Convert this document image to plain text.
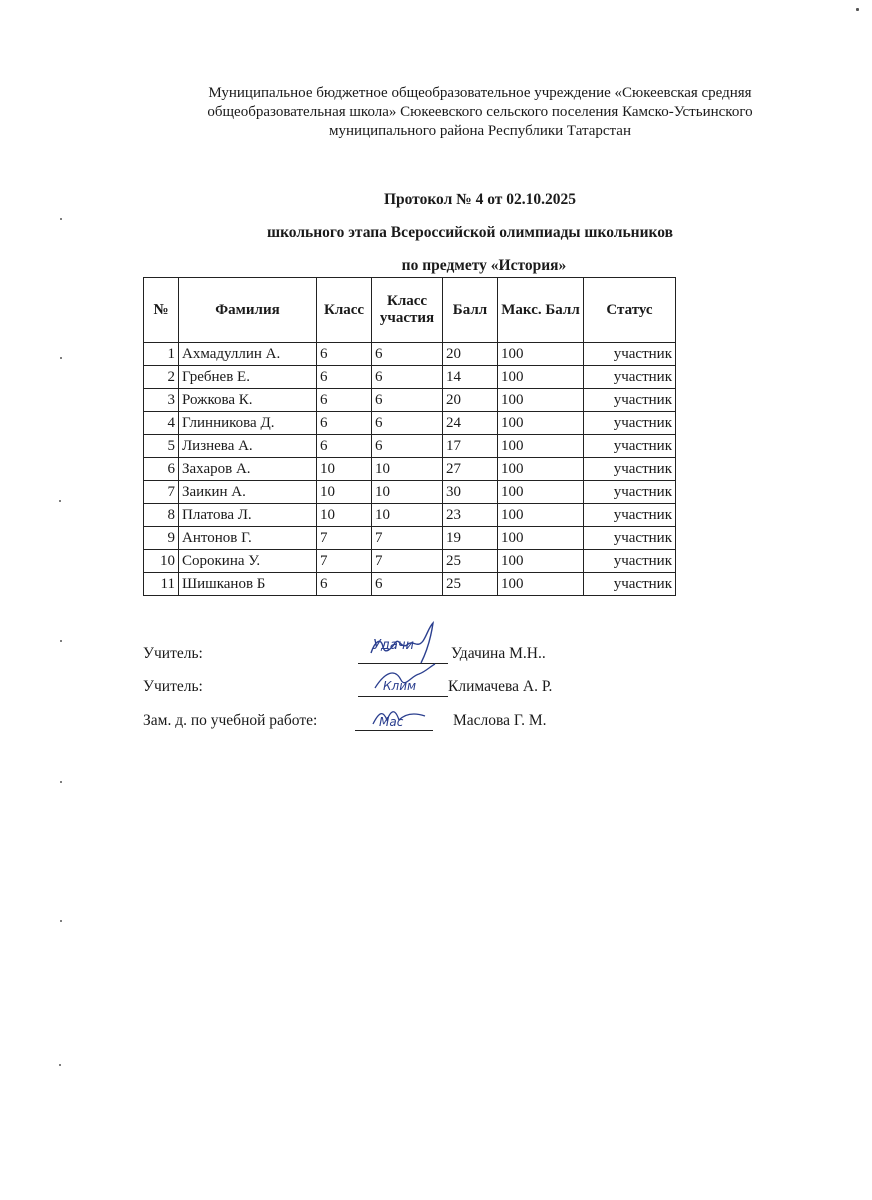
Муниципальное бюджетное общеобразовательное учреждение «Сюкеевская средняя
общеобразовательная школа» Сюкеевского сельского поселения Камско-Устьинского
муниципального района Республики Татарстан
Протокол № 4 от 02.10.2025
школьного этапа Всероссийской олимпиады школьников
по предмету «История»
№	Фамилия	Класс	Класс участия	Балл	Макс. Балл	Статус
1	Ахмадуллин А.	6	6	20	100	участник
2	Гребнев Е.	6	6	14	100	участник
3	Рожкова К.	6	6	20	100	участник
4	Глинникова Д.	6	6	24	100	участник
5	Лизнева А.	6	6	17	100	участник
6	Захаров А.	10	10	27	100	участник
7	Заикин А.	10	10	30	100	участник
8	Платова Л.	10	10	23	100	участник
9	Антонов Г.	7	7	19	100	участник
10	Сорокина У.	7	7	25	100	участник
11	Шишканов Б	6	6	25	100	участник
Учитель:	Удачи Удачина М.Н..
Учитель:	Клим Климачева А. Р.
Зам. д. по учебной работе:	Мас	Маслова Г. М.
